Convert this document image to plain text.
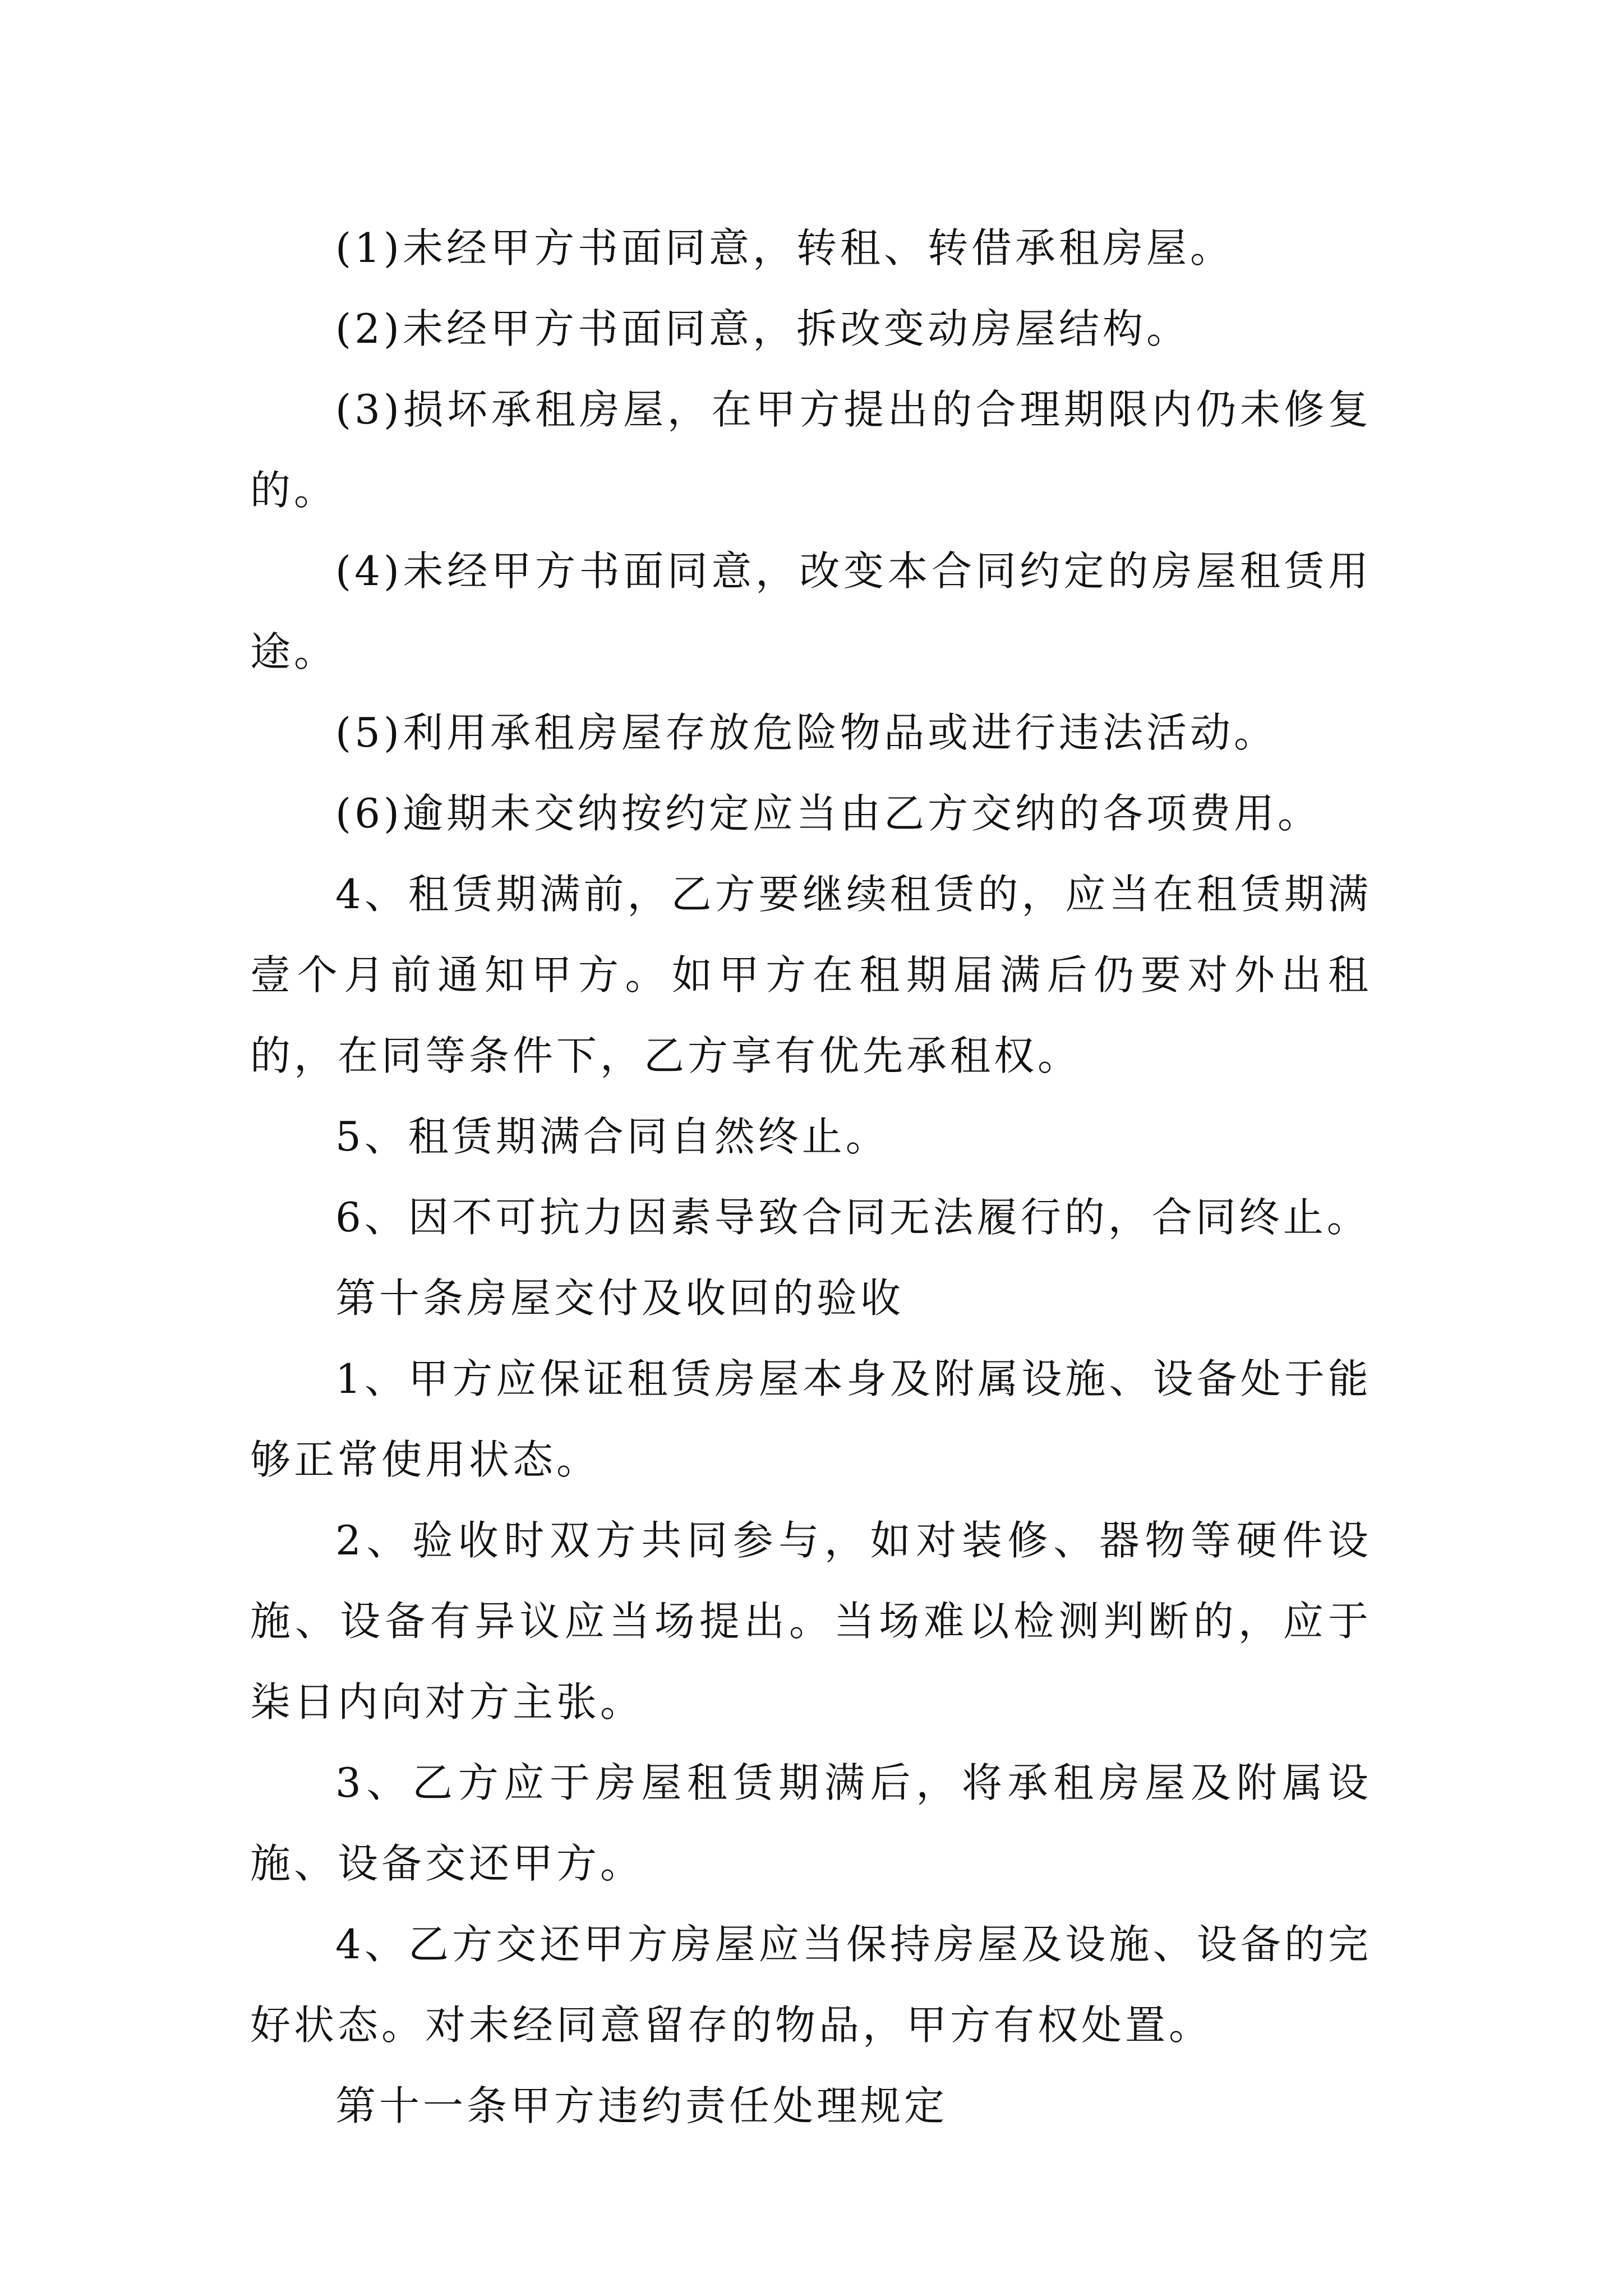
(1)未经甲方书面同意，转租、转借承租房屋。

(2)未经甲方书面同意，拆改变动房屋结构。

(3)损坏承租房屋，在甲方提出的合理期限内仍未修复的。

(4)未经甲方书面同意，改变本合同约定的房屋租赁用途。

(5)利用承租房屋存放危险物品或进行违法活动。

(6)逾期未交纳按约定应当由乙方交纳的各项费用。

4、租赁期满前，乙方要继续租赁的，应当在租赁期满壹个月前通知甲方。如甲方在租期届满后仍要对外出租的，在同等条件下，乙方享有优先承租权。

5、租赁期满合同自然终止。

6、因不可抗力因素导致合同无法履行的，合同终止。

第十条房屋交付及收回的验收

1、甲方应保证租赁房屋本身及附属设施、设备处于能够正常使用状态。

2、验收时双方共同参与，如对装修、器物等硬件设施、设备有异议应当场提出。当场难以检测判断的，应于柒日内向对方主张。

3、乙方应于房屋租赁期满后，将承租房屋及附属设施、设备交还甲方。

4、乙方交还甲方房屋应当保持房屋及设施、设备的完好状态。对未经同意留存的物品，甲方有权处置。

第十一条甲方违约责任处理规定
